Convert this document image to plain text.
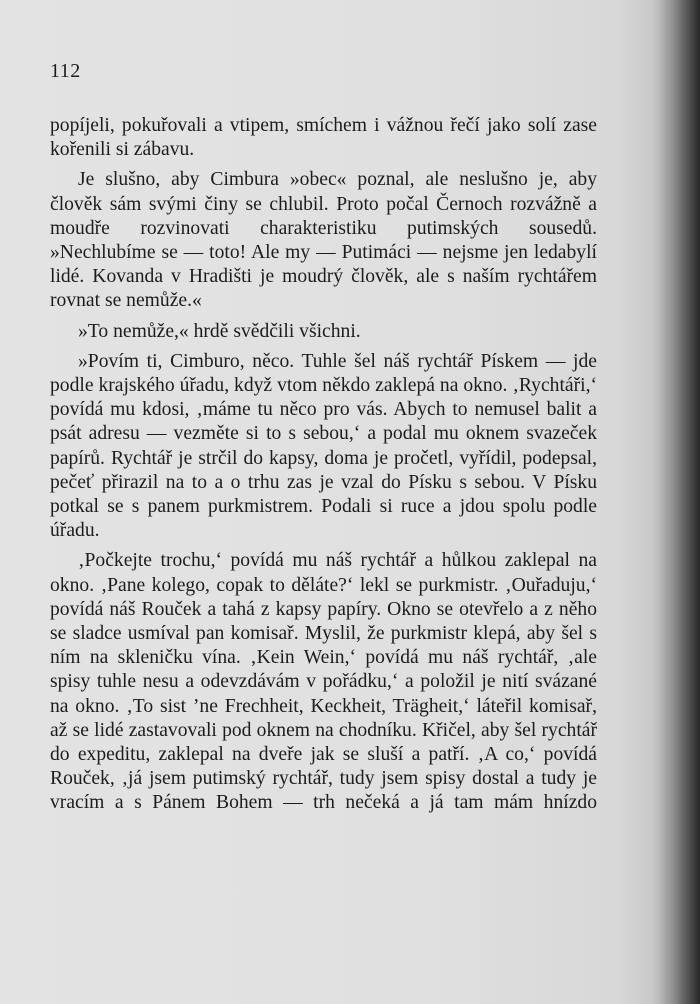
112

popíjeli, pokuřovali a vtipem, smíchem i vážnou řečí jako solí zase kořenili si zábavu.

Je slušno, aby Cimbura »obec« poznal, ale neslušno je, aby člověk sám svými činy se chlubil. Proto počal Černoch rozvážně a moudře rozvinovati charakteristiku putimských sousedů. »Nechlubíme se — toto! Ale my — Putimáci — nejsme jen ledabylí lidé. Kovanda v Hradišti je moudrý člověk, ale s naším rychtářem rovnat se nemůže.«

»To nemůže,« hrdě svědčili všichni.

»Povím ti, Cimburo, něco. Tuhle šel náš rychtář Pískem — jde podle krajského úřadu, když vtom někdo zaklepá na okno. ‚Rychtáři,‘ povídá mu kdosi, ‚máme tu něco pro vás. Abych to nemusel balit a psát adresu — vezměte si to s sebou,‘ a podal mu oknem svazeček papírů. Rychtář je strčil do kapsy, doma je pročetl, vyřídil, podepsal, pečeť přirazil na to a o trhu zas je vzal do Písku s sebou. V Písku potkal se s panem purkmistrem. Podali si ruce a jdou spolu podle úřadu.

‚Počkejte trochu,‘ povídá mu náš rychtář a hůlkou zaklepal na okno. ‚Pane kolego, copak to děláte?‘ lekl se purkmistr. ‚Ouřaduju,‘ povídá náš Rouček a tahá z kapsy papíry. Okno se otevřelo a z něho se sladce usmíval pan komisař. Myslil, že purkmistr klepá, aby šel s ním na skleničku vína. ‚Kein Wein,‘ povídá mu náš rychtář, ‚ale spisy tuhle nesu a odevzdávám v pořádku,‘ a položil je nití svázané na okno. ‚To sist ’ne Frechheit, Keckheit, Trägheit,‘ láteřil komisař, až se lidé zastavovali pod oknem na chodníku. Křičel, aby šel rychtář do expeditu, zaklepal na dveře jak se sluší a patří. ‚A co,‘ povídá Rouček, ‚já jsem putimský rychtář, tudy jsem spisy dostal a tudy je vracím a s Pánem Bohem — trh nečeká a já tam mám hnízdo
